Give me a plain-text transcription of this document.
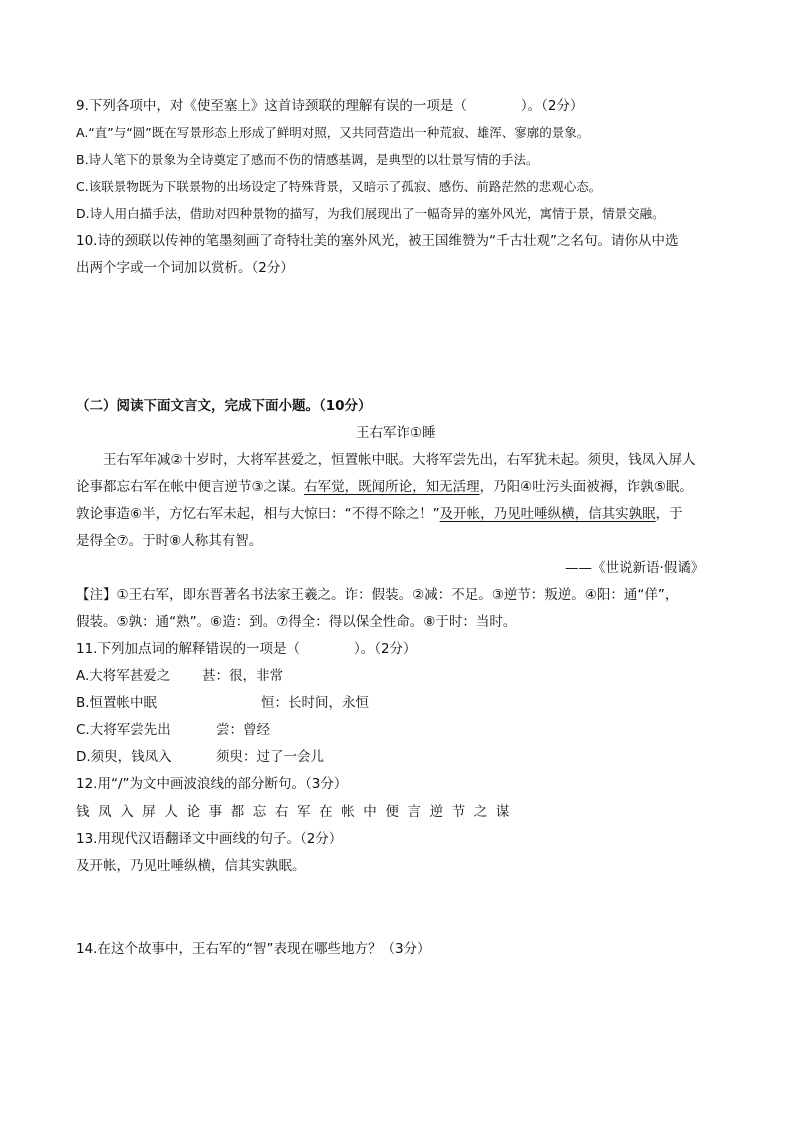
9.下列各项中，对《使至塞上》这首诗颈联的理解有误的一项是（　　　　）。（2分）
A.“直”与“圆”既在写景形态上形成了鲜明对照，又共同营造出一种荒寂、雄浑、寥廓的景象。
B.诗人笔下的景象为全诗奠定了感而不伤的情感基调，是典型的以壮景写情的手法。
C.该联景物既为下联景物的出场设定了特殊背景，又暗示了孤寂、感伤、前路茫然的悲观心态。
D.诗人用白描手法，借助对四种景物的描写，为我们展现出了一幅奇异的塞外风光，寓情于景，情景交融。
10.诗的颈联以传神的笔墨刻画了奇特壮美的塞外风光，被王国维赞为“千古壮观”之名句。请你从中选
出两个字或一个词加以赏析。（2分）
（二）阅读下面文言文，完成下面小题。（10分）
王右军诈①睡
王右军年减②十岁时，大将军甚爱之，恒置帐中眠。大将军尝先出，右军犹未起。须臾，钱凤入屏人
论事都忘右军在帐中便言逆节③之谋。右军觉，既闻所论，知无活理，乃阳④吐污头面被褥，诈孰⑤眠。
敦论事造⑥半，方忆右军未起，相与大惊曰：“不得不除之！”及开帐，乃见吐唾纵横，信其实孰眠，于
是得全⑦。于时⑧人称其有智。
——《世说新语·假谲》
【注】①王右军，即东晋著名书法家王羲之。诈：假装。②减：不足。③逆节：叛逆。④阳：通“佯”，
假装。⑤孰：通“熟”。⑥造：到。⑦得全：得以保全性命。⑧于时：当时。
11.下列加点词的解释错误的一项是（　　　　）。（2分）
A.大将军甚爱之 甚：很，非常
B.恒置帐中眠	恒：长时间，永恒
C.大将军尝先出	尝：曾经
D.须臾，钱凤入	须臾：过了一会儿
12.用“/”为文中画波浪线的部分断句。（3分）
钱凤入屏人论事都忘右军在帐中便言逆节之谋
13.用现代汉语翻译文中画线的句子。（2分）
及开帐，乃见吐唾纵横，信其实孰眠。
14.在这个故事中，王右军的“智”表现在哪些地方？（3分）
